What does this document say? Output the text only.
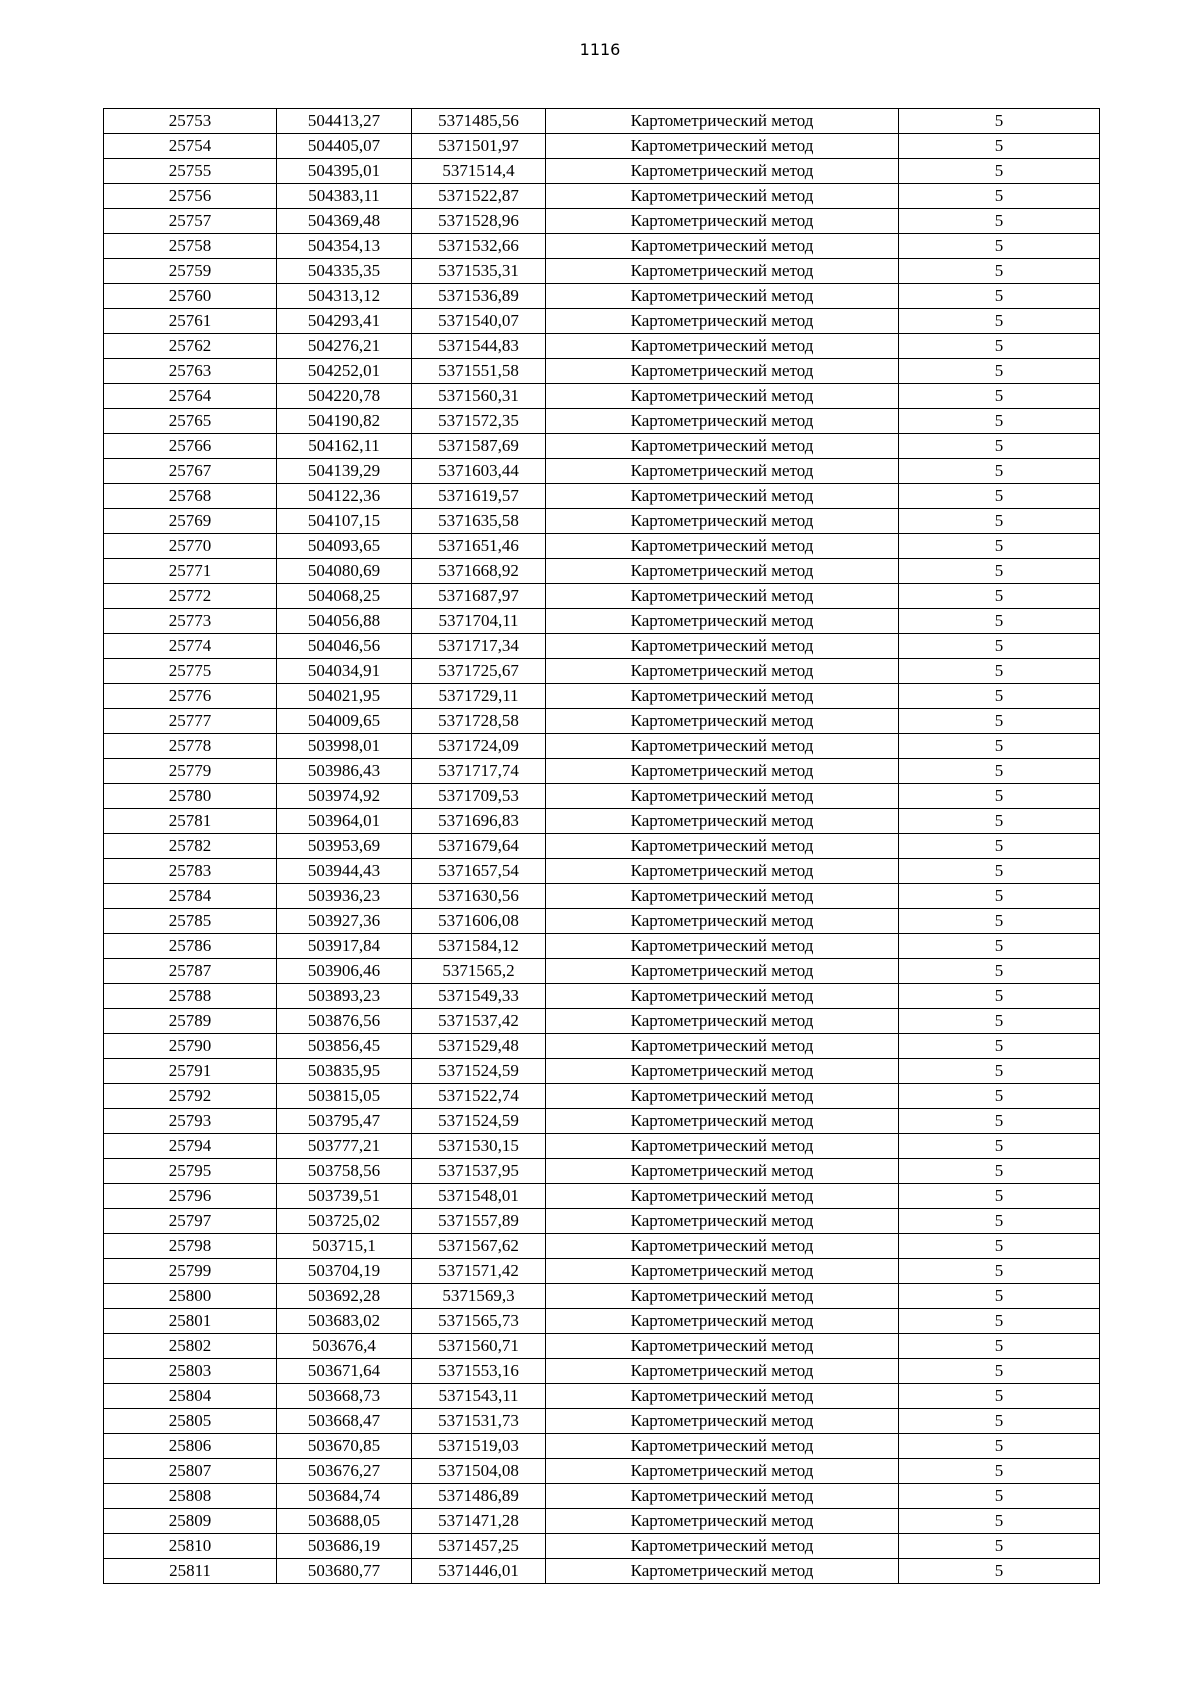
1116
25753	504413,27	5371485,56	Картометрический метод	5
25754	504405,07	5371501,97	Картометрический метод	5
25755	504395,01	5371514,4	Картометрический метод	5
25756	504383,11	5371522,87	Картометрический метод	5
25757	504369,48	5371528,96	Картометрический метод	5
25758	504354,13	5371532,66	Картометрический метод	5
25759	504335,35	5371535,31	Картометрический метод	5
25760	504313,12	5371536,89	Картометрический метод	5
25761	504293,41	5371540,07	Картометрический метод	5
25762	504276,21	5371544,83	Картометрический метод	5
25763	504252,01	5371551,58	Картометрический метод	5
25764	504220,78	5371560,31	Картометрический метод	5
25765	504190,82	5371572,35	Картометрический метод	5
25766	504162,11	5371587,69	Картометрический метод	5
25767	504139,29	5371603,44	Картометрический метод	5
25768	504122,36	5371619,57	Картометрический метод	5
25769	504107,15	5371635,58	Картометрический метод	5
25770	504093,65	5371651,46	Картометрический метод	5
25771	504080,69	5371668,92	Картометрический метод	5
25772	504068,25	5371687,97	Картометрический метод	5
25773	504056,88	5371704,11	Картометрический метод	5
25774	504046,56	5371717,34	Картометрический метод	5
25775	504034,91	5371725,67	Картометрический метод	5
25776	504021,95	5371729,11	Картометрический метод	5
25777	504009,65	5371728,58	Картометрический метод	5
25778	503998,01	5371724,09	Картометрический метод	5
25779	503986,43	5371717,74	Картометрический метод	5
25780	503974,92	5371709,53	Картометрический метод	5
25781	503964,01	5371696,83	Картометрический метод	5
25782	503953,69	5371679,64	Картометрический метод	5
25783	503944,43	5371657,54	Картометрический метод	5
25784	503936,23	5371630,56	Картометрический метод	5
25785	503927,36	5371606,08	Картометрический метод	5
25786	503917,84	5371584,12	Картометрический метод	5
25787	503906,46	5371565,2	Картометрический метод	5
25788	503893,23	5371549,33	Картометрический метод	5
25789	503876,56	5371537,42	Картометрический метод	5
25790	503856,45	5371529,48	Картометрический метод	5
25791	503835,95	5371524,59	Картометрический метод	5
25792	503815,05	5371522,74	Картометрический метод	5
25793	503795,47	5371524,59	Картометрический метод	5
25794	503777,21	5371530,15	Картометрический метод	5
25795	503758,56	5371537,95	Картометрический метод	5
25796	503739,51	5371548,01	Картометрический метод	5
25797	503725,02	5371557,89	Картометрический метод	5
25798	503715,1	5371567,62	Картометрический метод	5
25799	503704,19	5371571,42	Картометрический метод	5
25800	503692,28	5371569,3	Картометрический метод	5
25801	503683,02	5371565,73	Картометрический метод	5
25802	503676,4	5371560,71	Картометрический метод	5
25803	503671,64	5371553,16	Картометрический метод	5
25804	503668,73	5371543,11	Картометрический метод	5
25805	503668,47	5371531,73	Картометрический метод	5
25806	503670,85	5371519,03	Картометрический метод	5
25807	503676,27	5371504,08	Картометрический метод	5
25808	503684,74	5371486,89	Картометрический метод	5
25809	503688,05	5371471,28	Картометрический метод	5
25810	503686,19	5371457,25	Картометрический метод	5
25811	503680,77	5371446,01	Картометрический метод	5
